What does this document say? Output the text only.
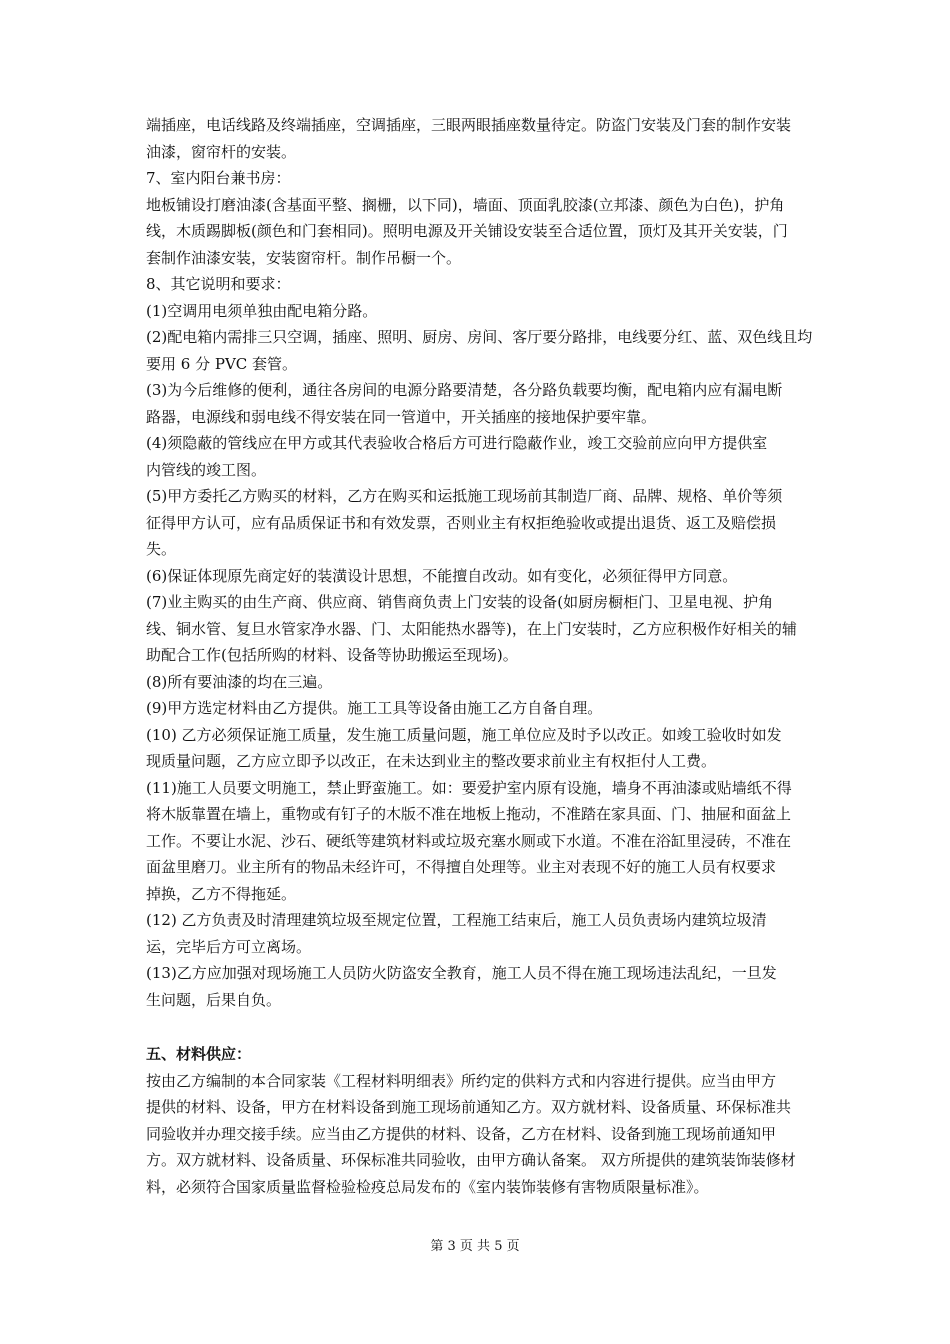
端插座，电话线路及终端插座，空调插座，三眼两眼插座数量待定。防盗门安装及门套的制作安装
油漆，窗帘杆的安装。
7、室内阳台兼书房：
地板铺设打磨油漆(含基面平整、搁栅，以下同)，墙面、顶面乳胶漆(立邦漆、颜色为白色)，护角
线，木质踢脚板(颜色和门套相同)。照明电源及开关铺设安装至合适位置，顶灯及其开关安装，门
套制作油漆安装，安装窗帘杆。制作吊橱一个。
8、其它说明和要求：
(1)空调用电须单独由配电箱分路。
(2)配电箱内需排三只空调，插座、照明、厨房、房间、客厅要分路排，电线要分红、蓝、双色线且均
要用 6 分 PVC 套管。
(3)为今后维修的便利，通往各房间的电源分路要清楚，各分路负载要均衡，配电箱内应有漏电断
路器，电源线和弱电线不得安装在同一管道中，开关插座的接地保护要牢靠。
(4)须隐蔽的管线应在甲方或其代表验收合格后方可进行隐蔽作业，竣工交验前应向甲方提供室
内管线的竣工图。
(5)甲方委托乙方购买的材料，乙方在购买和运抵施工现场前其制造厂商、品牌、规格、单价等须
征得甲方认可，应有品质保证书和有效发票，否则业主有权拒绝验收或提出退货、返工及赔偿损
失。
(6)保证体现原先商定好的装潢设计思想，不能擅自改动。如有变化，必须征得甲方同意。
(7)业主购买的由生产商、供应商、销售商负责上门安装的设备(如厨房橱柜门、卫星电视、护角
线、铜水管、复旦水管家净水器、门、太阳能热水器等)，在上门安装时，乙方应积极作好相关的辅
助配合工作(包括所购的材料、设备等协助搬运至现场)。
(8)所有要油漆的均在三遍。
(9)甲方选定材料由乙方提供。施工工具等设备由施工乙方自备自理。
(10) 乙方必须保证施工质量，发生施工质量问题，施工单位应及时予以改正。如竣工验收时如发
现质量问题，乙方应立即予以改正，在未达到业主的整改要求前业主有权拒付人工费。
(11)施工人员要文明施工，禁止野蛮施工。如：要爱护室内原有设施，墙身不再油漆或贴墙纸不得
将木版靠置在墙上，重物或有钉子的木版不准在地板上拖动，不准踏在家具面、门、抽屉和面盆上
工作。不要让水泥、沙石、硬纸等建筑材料或垃圾充塞水厕或下水道。不准在浴缸里浸砖，不准在
面盆里磨刀。业主所有的物品未经许可，不得擅自处理等。业主对表现不好的施工人员有权要求
掉换，乙方不得拖延。
(12) 乙方负责及时清理建筑垃圾至规定位置，工程施工结束后，施工人员负责场内建筑垃圾清
运，完毕后方可立离场。
(13)乙方应加强对现场施工人员防火防盗安全教育，施工人员不得在施工现场违法乱纪，一旦发
生问题，后果自负。
五、材料供应：
按由乙方编制的本合同家装《工程材料明细表》所约定的供料方式和内容进行提供。应当由甲方
提供的材料、设备，甲方在材料设备到施工现场前通知乙方。双方就材料、设备质量、环保标准共
同验收并办理交接手续。应当由乙方提供的材料、设备，乙方在材料、设备到施工现场前通知甲
方。双方就材料、设备质量、环保标准共同验收，由甲方确认备案。 双方所提供的建筑装饰装修材
料，必须符合国家质量监督检验检疫总局发布的《室内装饰装修有害物质限量标准》。
第 3 页 共 5 页
